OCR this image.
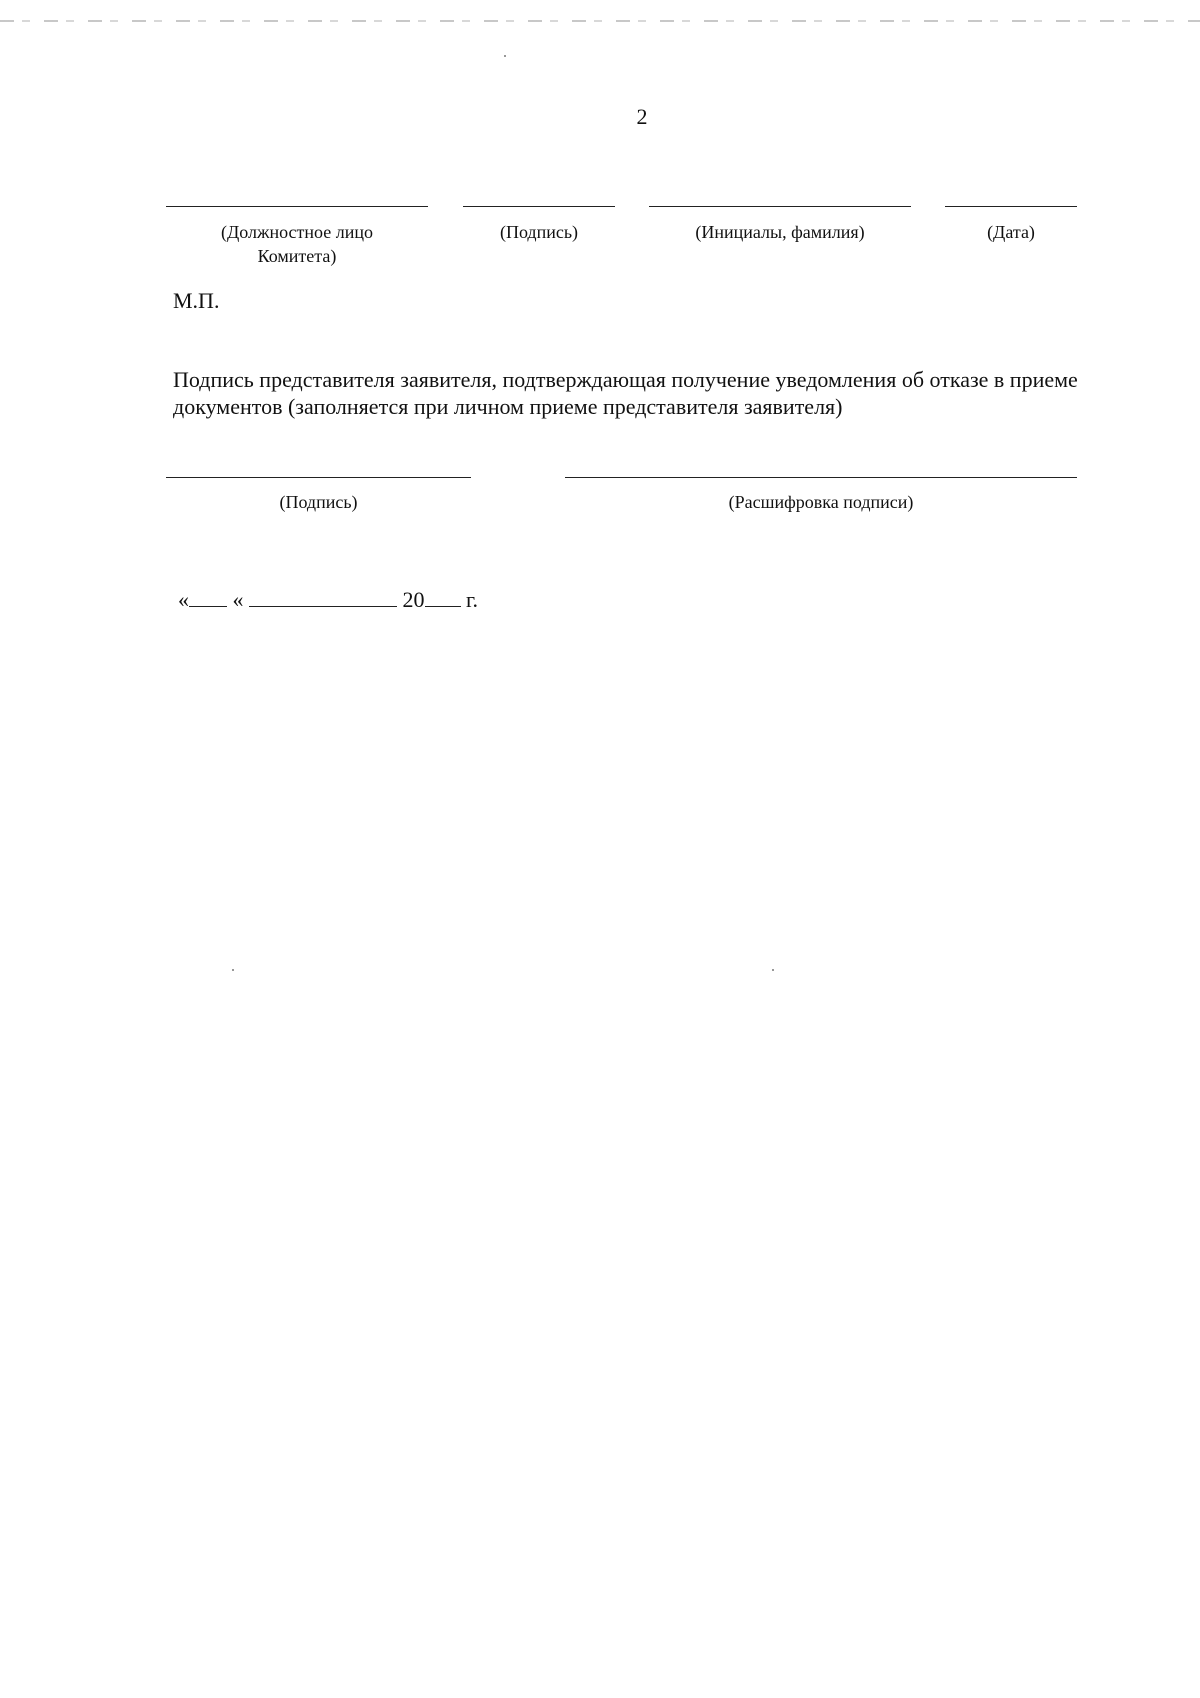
2
(Должностное лицо Комитета)
(Подпись)	(Инициалы, фамилия)	(Дата)
М.П.
Подпись представителя заявителя, подтверждающая получение уведомления об отказе в приеме документов (заполняется при личном приеме представителя заявителя)
(Подпись)	(Расшифровка подписи)
« «	20 г.
